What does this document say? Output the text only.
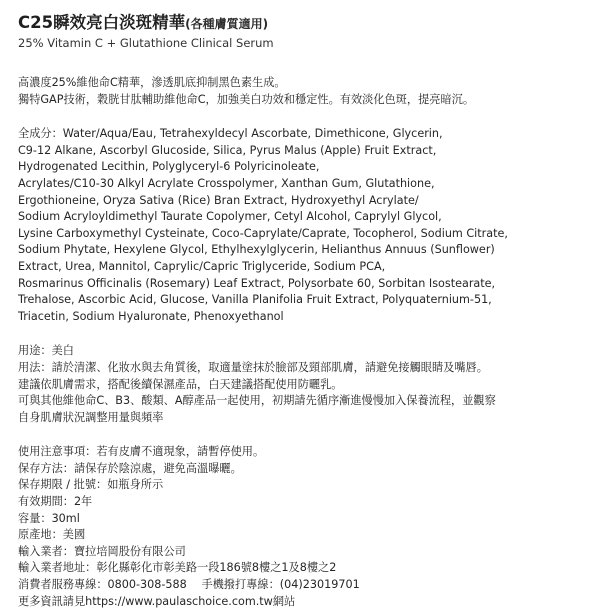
C25瞬效亮白淡斑精華(各種膚質適用)
25% Vitamin C + Glutathione Clinical Serum
高濃度25%維他命C精華，滲透肌底抑制黑色素生成。
獨特GAP技術，穀胱甘肽輔助維他命C，加強美白功效和穩定性。有效淡化色斑，提亮暗沉。
全成分：Water/Aqua/Eau, Tetrahexyldecyl Ascorbate, Dimethicone, Glycerin,
C9-12 Alkane, Ascorbyl Glucoside, Silica, Pyrus Malus (Apple) Fruit Extract,
Hydrogenated Lecithin, Polyglyceryl-6 Polyricinoleate,
Acrylates/C10-30 Alkyl Acrylate Crosspolymer, Xanthan Gum, Glutathione,
Ergothioneine, Oryza Sativa (Rice) Bran Extract, Hydroxyethyl Acrylate/
Sodium Acryloyldimethyl Taurate Copolymer, Cetyl Alcohol, Caprylyl Glycol,
Lysine Carboxymethyl Cysteinate, Coco-Caprylate/Caprate, Tocopherol, Sodium Citrate,
Sodium Phytate, Hexylene Glycol, Ethylhexylglycerin, Helianthus Annuus (Sunflower)
Extract, Urea, Mannitol, Caprylic/Capric Triglyceride, Sodium PCA,
Rosmarinus Officinalis (Rosemary) Leaf Extract, Polysorbate 60, Sorbitan Isostearate,
Trehalose, Ascorbic Acid, Glucose, Vanilla Planifolia Fruit Extract, Polyquaternium-51,
Triacetin, Sodium Hyaluronate, Phenoxyethanol
用途：美白
用法：請於清潔、化妝水與去角質後，取適量塗抹於臉部及頸部肌膚，請避免接觸眼睛及嘴唇。
建議依肌膚需求，搭配後續保濕產品，白天建議搭配使用防曬乳。
可與其他維他命C、B3、酸類、A醇產品一起使用，初期請先循序漸進慢慢加入保養流程，並觀察
自身肌膚狀況調整用量與頻率
使用注意事項：若有皮膚不適現象，請暫停使用。
保存方法：請保存於陰涼處，避免高溫曝曬。
保存期限 / 批號：如瓶身所示
有效期間：2年
容量：30ml
原產地：美國
輸入業者：寶拉培岡股份有限公司
輸入業者地址：彰化縣彰化市彰美路一段186號8樓之1及8樓之2
消費者服務專線：0800-308-588　 手機撥打專線：(04)23019701
更多資訊請見https://www.paulaschoice.com.tw網站
